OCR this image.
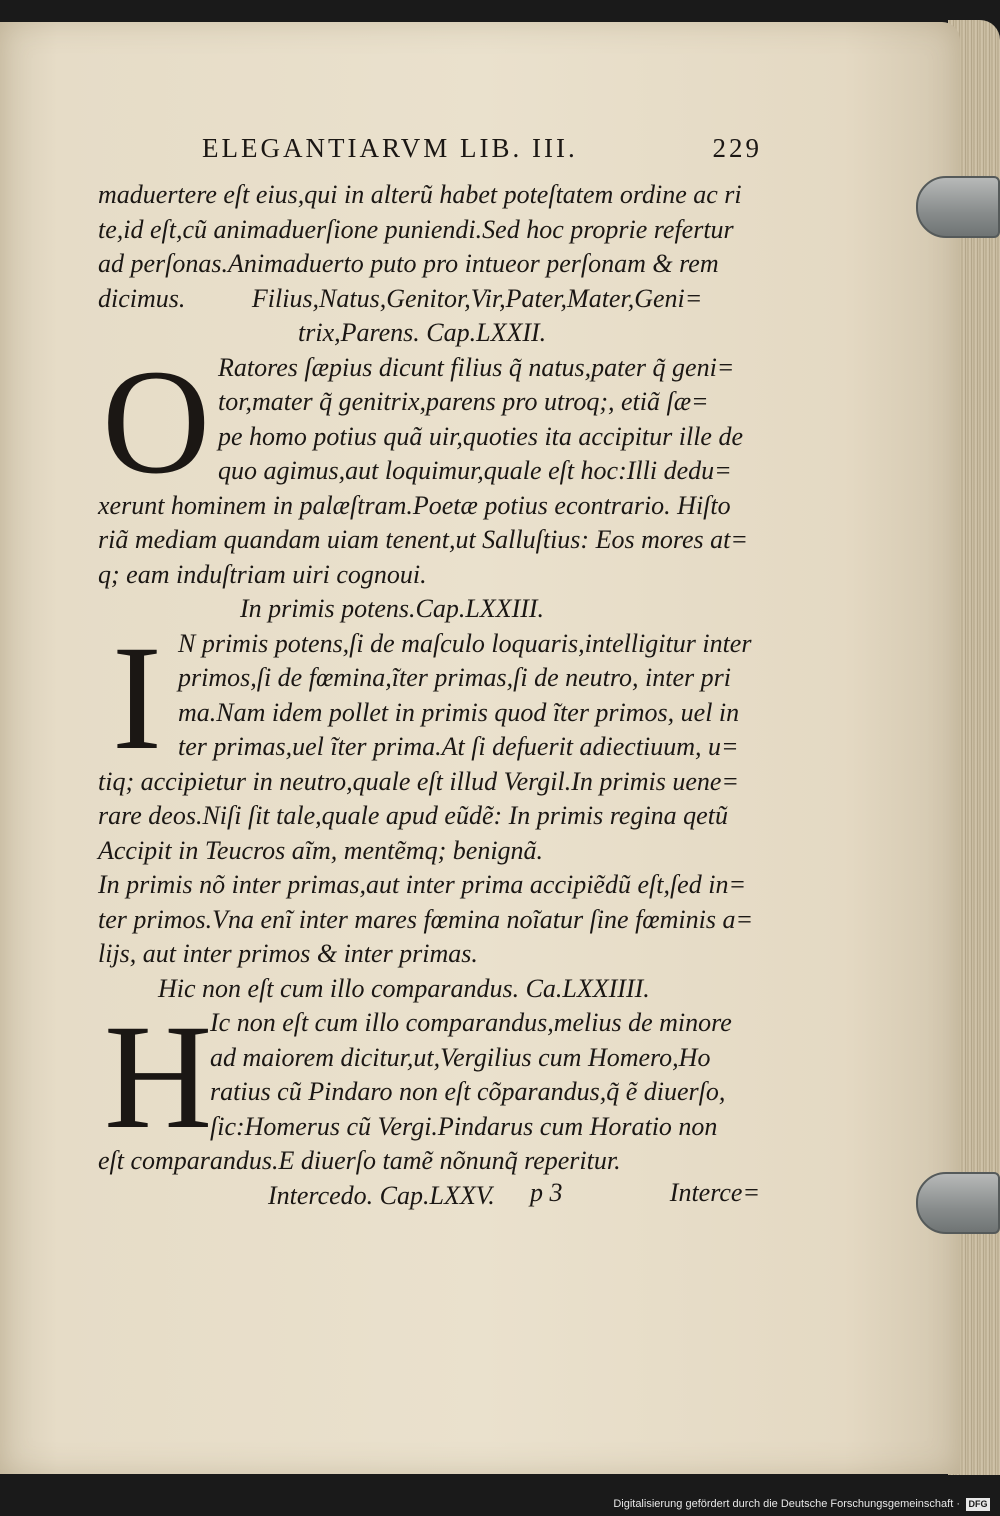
ELEGANTIARVM LIB. III.	229
maduertere eſt eius,qui in alterũ habet poteſtatem ordine ac ri
te,id eſt,cũ animaduerſione puniendi.Sed hoc proprie refertur
ad perſonas.Animaduerto puto pro intueor perſonam & rem
dicimus.	Filius,Natus,Genitor,Vir,Pater,Mater,Geni=
trix,Parens. Cap.LXXII.
O Ratores ſæpius dicunt filius q̃ natus,pater q̃ geni=
tor,mater q̃ genitrix,parens pro utroq;, etiã ſæ=
pe homo potius quã uir,quoties ita accipitur ille de
quo agimus,aut loquimur,quale eſt hoc:Illi dedu=
xerunt hominem in palæſtram.Poetæ potius econtrario. Hiſto
riã mediam quandam uiam tenent,ut Salluſtius: Eos mores at=
q; eam induſtriam uiri cognoui.
In primis potens.Cap.LXXIII.
I N primis potens,ſi de maſculo loquaris,intelligitur inter
primos,ſi de fœmina,ĩter primas,ſi de neutro, inter pri
ma.Nam idem pollet in primis quod ĩter primos, uel in
ter primas,uel ĩter prima.At ſi defuerit adiectiuum, u=
tiq; accipietur in neutro,quale eſt illud Vergil.In primis uene=
rare deos.Niſi ſit tale,quale apud eũdẽ: In primis regina qetũ
Accipit in Teucros aĩm, mentẽmq; benignã.
In primis nõ inter primas,aut inter prima accipiẽdũ eſt,ſed in=
ter primos.Vna enĩ inter mares fœmina noĩatur ſine fœminis a=
lijs, aut inter primos & inter primas.
Hic non eſt cum illo comparandus. Ca.LXXIIII.
H
Ic non eſt cum illo comparandus,melius de minore
ad maiorem dicitur,ut,Vergilius cum Homero,Ho
ratius cũ Pindaro non eſt cõparandus,q̃ ẽ diuerſo,
ſic:Homerus cũ Vergi.Pindarus cum Horatio non
eſt comparandus.E diuerſo tamẽ nõnunq̃ reperitur.
Intercedo. Cap.LXXV.	p 3	Interce=
Digitalisierung gefördert durch die Deutsche Forschungsgemeinschaft · DFG
